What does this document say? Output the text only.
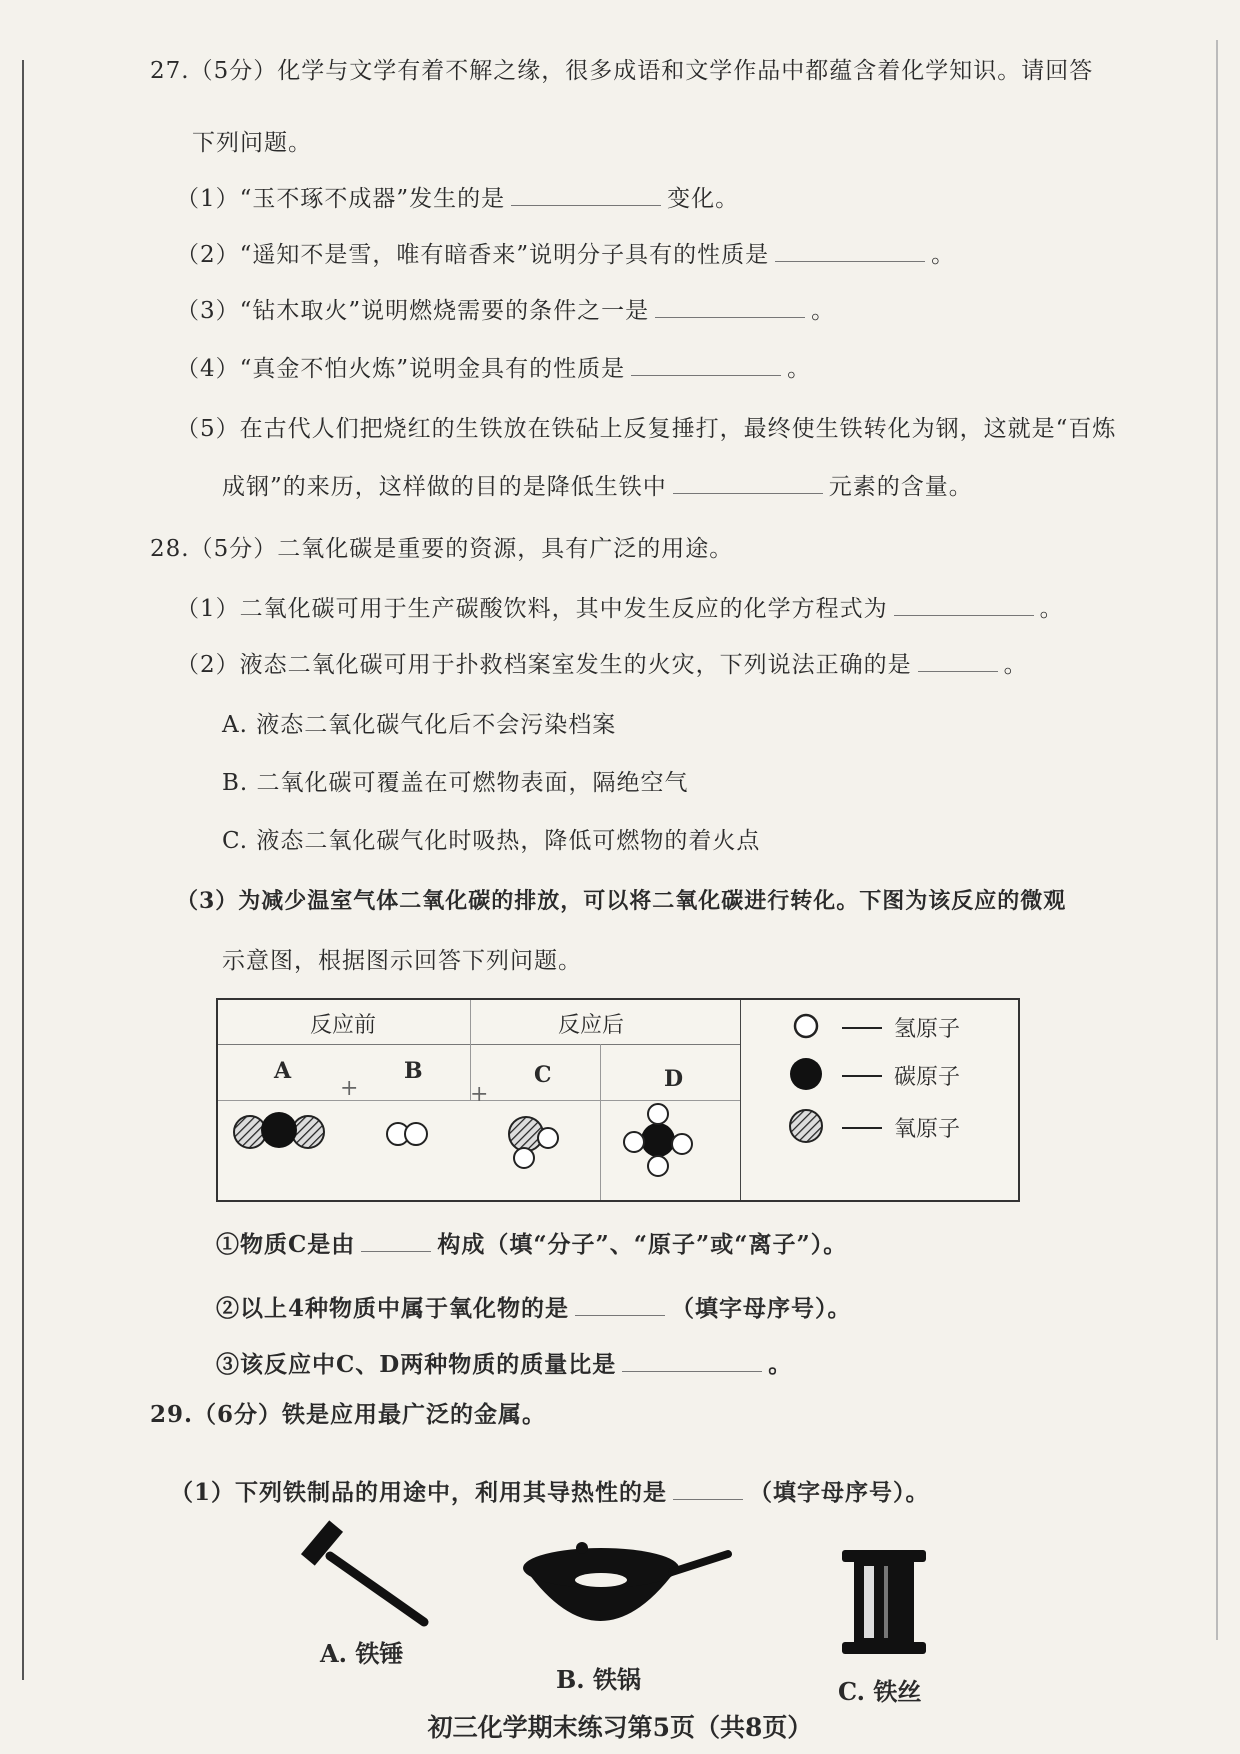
27.（5分）化学与文学有着不解之缘，很多成语和文学作品中都蕴含着化学知识。请回答
下列问题。
（1）“玉不琢不成器”发生的是	变化。
（2）“遥知不是雪，唯有暗香来”说明分子具有的性质是	。
（3）“钻木取火”说明燃烧需要的条件之一是	。
（4）“真金不怕火炼”说明金具有的性质是	。
（5）在古代人们把烧红的生铁放在铁砧上反复捶打，最终使生铁转化为钢，这就是“百炼
成钢”的来历，这样做的目的是降低生铁中	元素的含量。
28.（5分）二氧化碳是重要的资源，具有广泛的用途。
（1）二氧化碳可用于生产碳酸饮料，其中发生反应的化学方程式为	。
（2）液态二氧化碳可用于扑救档案室发生的火灾，下列说法正确的是	。
A. 液态二氧化碳气化后不会污染档案
B. 二氧化碳可覆盖在可燃物表面，隔绝空气
C. 液态二氧化碳气化时吸热，降低可燃物的着火点
（3）为减少温室气体二氧化碳的排放，可以将二氧化碳进行转化。下图为该反应的微观
示意图，根据图示回答下列问题。
反应前	反应后
A	B	C	D
+	+
氢原子
碳原子
氧原子
①物质C是由	构成（填“分子”、“原子”或“离子”）。
②以上4种物质中属于氧化物的是	（填字母序号）。
③该反应中C、D两种物质的质量比是	。
29.（6分）铁是应用最广泛的金属。
（1）下列铁制品的用途中，利用其导热性的是	（填字母序号）。
A. 铁锤
B. 铁锅	C. 铁丝
初三化学期末练习第5页（共8页）
